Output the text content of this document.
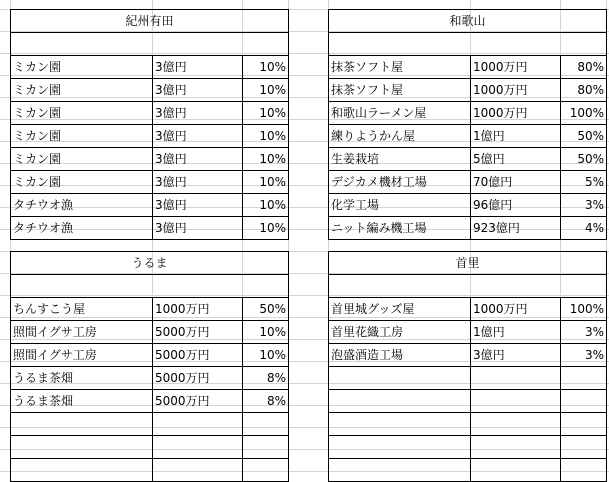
紀州有田		

ミカン園	3億円	10%
ミカン園	3億円	10%
ミカン園	3億円	10%
ミカン園	3億円	10%
ミカン園	3億円	10%
ミカン園	3億円	10%
タチウオ漁	3億円	10%
タチウオ漁	3億円	10%
和歌山		

抹茶ソフト屋	1000万円	80%
抹茶ソフト屋	1000万円	80%
和歌山ラーメン屋	1000万円	100%
練りようかん屋	1億円	50%
生姜栽培	5億円	50%
デジカメ機材工場	70億円	5%
化学工場	96億円	3%
ニット編み機工場	923億円	4%
うるま		

ちんすこう屋	1000万円	50%
照間イグサ工房	5000万円	10%
照間イグサ工房	5000万円	10%
うるま茶畑	5000万円	8%
うるま茶畑	5000万円	8%

首里		

首里城グッズ屋	1000万円	100%
首里花織工房	1億円	3%
泡盛酒造工場	3億円	3%
